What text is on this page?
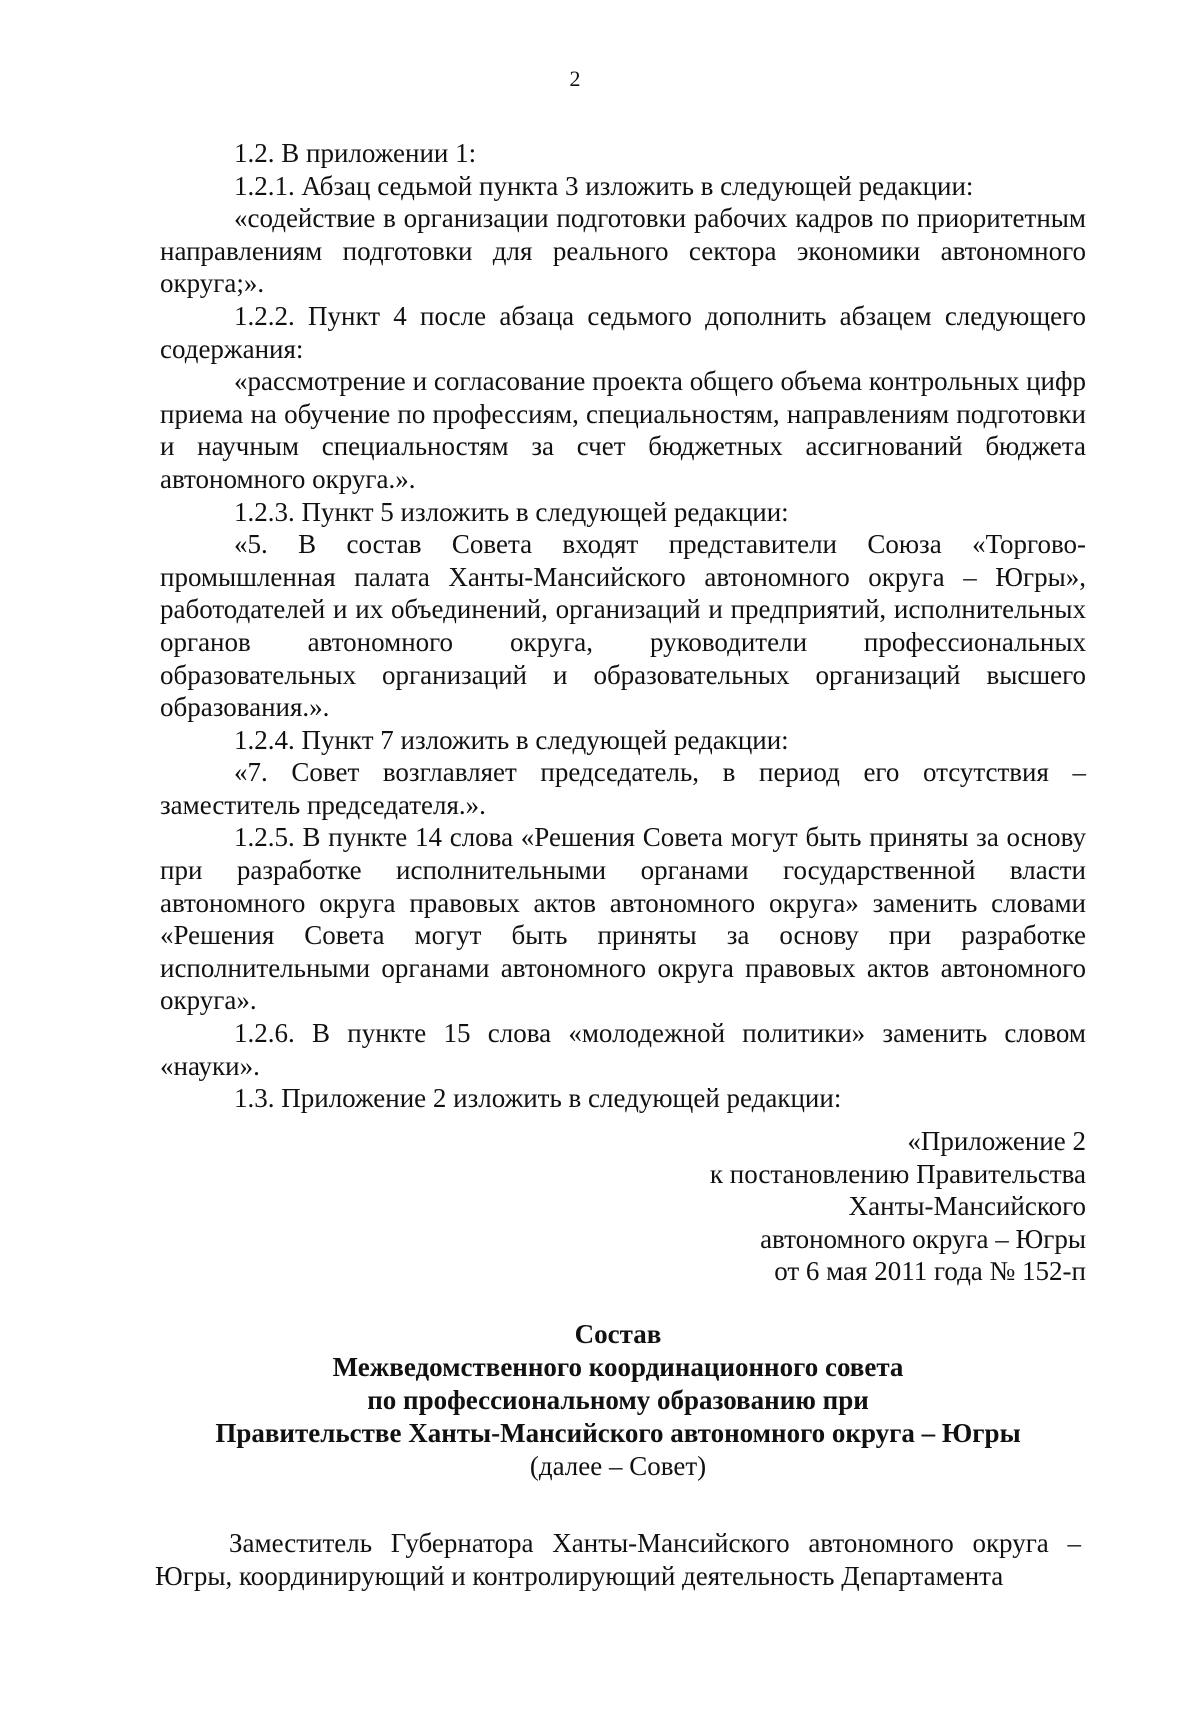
2

1.2. В приложении 1:

1.2.1. Абзац седьмой пункта 3 изложить в следующей редакции:

«содействие в организации подготовки рабочих кадров по приоритетным направлениям подготовки для реального сектора экономики автономного округа;».

1.2.2. Пункт 4 после абзаца седьмого дополнить абзацем следующего содержания:

«рассмотрение и согласование проекта общего объема контрольных цифр приема на обучение по профессиям, специальностям, направлениям подготовки и научным специальностям за счет бюджетных ассигнований бюджета автономного округа.».

1.2.3. Пункт 5 изложить в следующей редакции:

«5. В состав Совета входят представители Союза «Торгово-промышленная палата Ханты-Мансийского автономного округа – Югры», работодателей и их объединений, организаций и предприятий, исполнительных органов автономного округа, руководители профессиональных образовательных организаций и образовательных организаций высшего образования.».

1.2.4. Пункт 7 изложить в следующей редакции:

«7. Совет возглавляет председатель, в период его отсутствия – заместитель председателя.».

1.2.5. В пункте 14 слова «Решения Совета могут быть приняты за основу при разработке исполнительными органами государственной власти автономного округа правовых актов автономного округа» заменить словами «Решения Совета могут быть приняты за основу при разработке исполнительными органами автономного округа правовых актов автономного округа».

1.2.6. В пункте 15 слова «молодежной политики» заменить словом «науки».

1.3. Приложение 2 изложить в следующей редакции:

«Приложение 2
к постановлению Правительства
Ханты-Мансийского
автономного округа – Югры
от 6 мая 2011 года № 152-п
Состав
Межведомственного координационного совета
по профессиональному образованию при
Правительстве Ханты-Мансийского автономного округа – Югры
(далее – Совет)
Заместитель Губернатора Ханты-Мансийского автономного округа – Югры, координирующий и контролирующий деятельность Департамента
